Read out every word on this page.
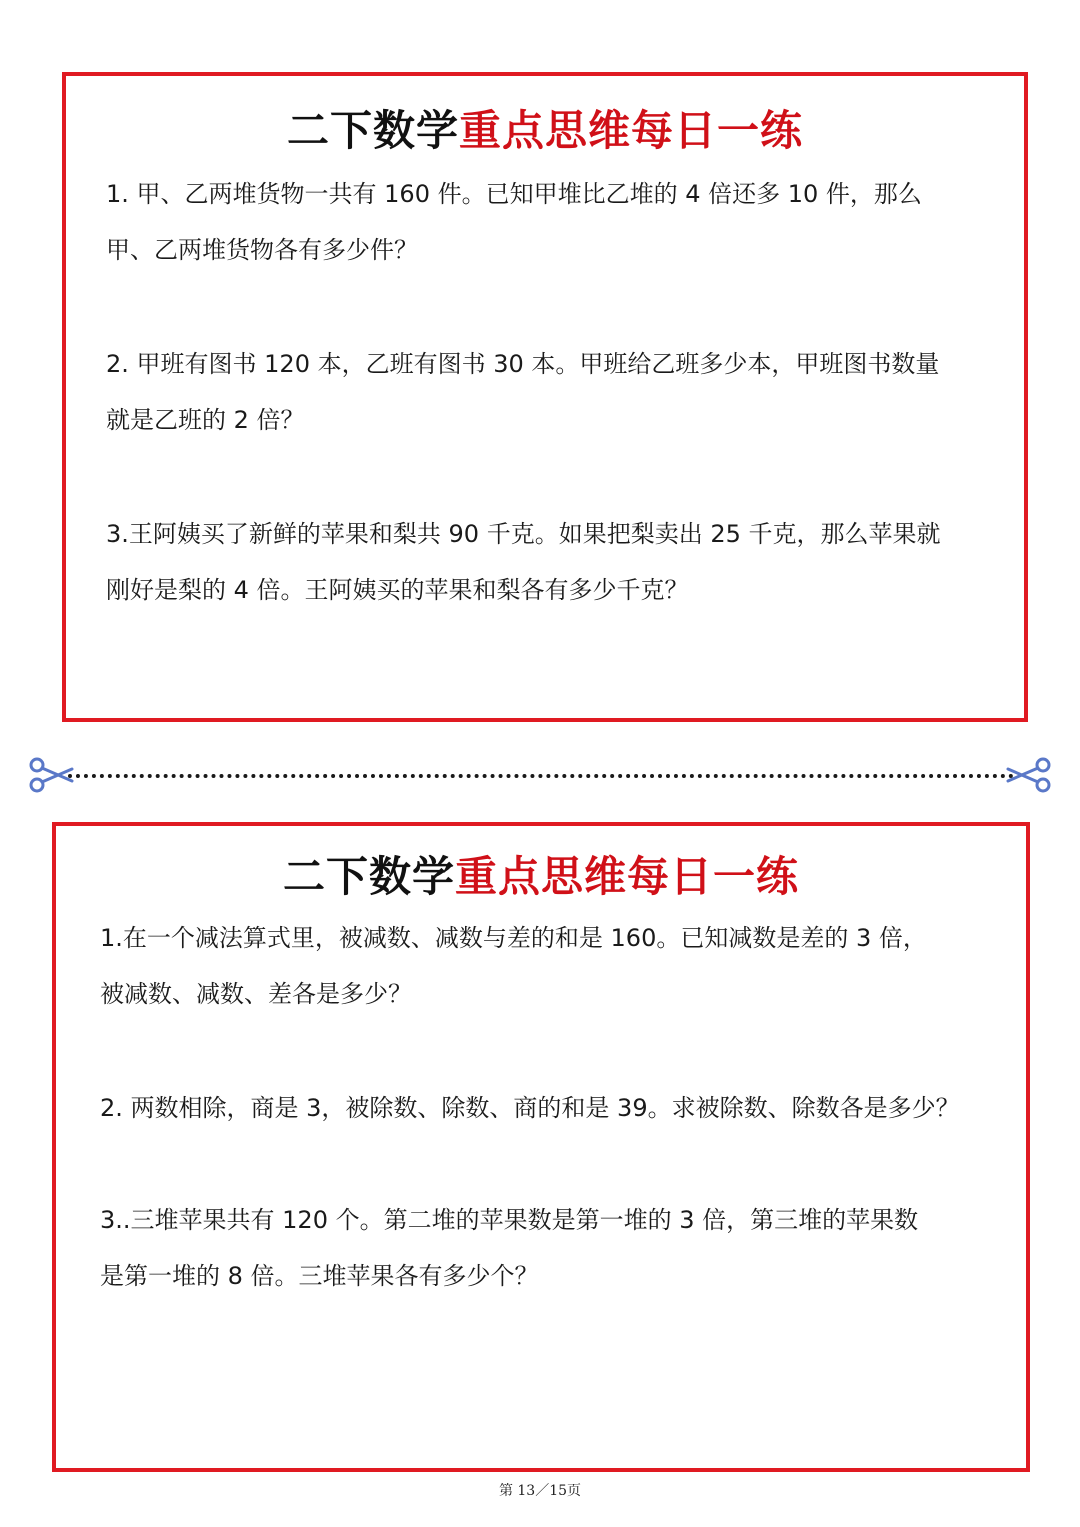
二下数学重点思维每日一练
1. 甲、乙两堆货物一共有 160 件。已知甲堆比乙堆的 4 倍还多 10 件，那么
甲、乙两堆货物各有多少件？
2. 甲班有图书 120 本，乙班有图书 30 本。甲班给乙班多少本，甲班图书数量
就是乙班的 2 倍？
3.王阿姨买了新鲜的苹果和梨共 90 千克。如果把梨卖出 25 千克，那么苹果就
刚好是梨的 4 倍。王阿姨买的苹果和梨各有多少千克？
二下数学重点思维每日一练
1.在一个减法算式里，被减数、减数与差的和是 160。已知减数是差的 3 倍，
被减数、减数、差各是多少？
2. 两数相除，商是 3，被除数、除数、商的和是 39。求被除数、除数各是多少？
3..三堆苹果共有 120 个。第二堆的苹果数是第一堆的 3 倍，第三堆的苹果数
是第一堆的 8 倍。三堆苹果各有多少个？
第 13／15页
